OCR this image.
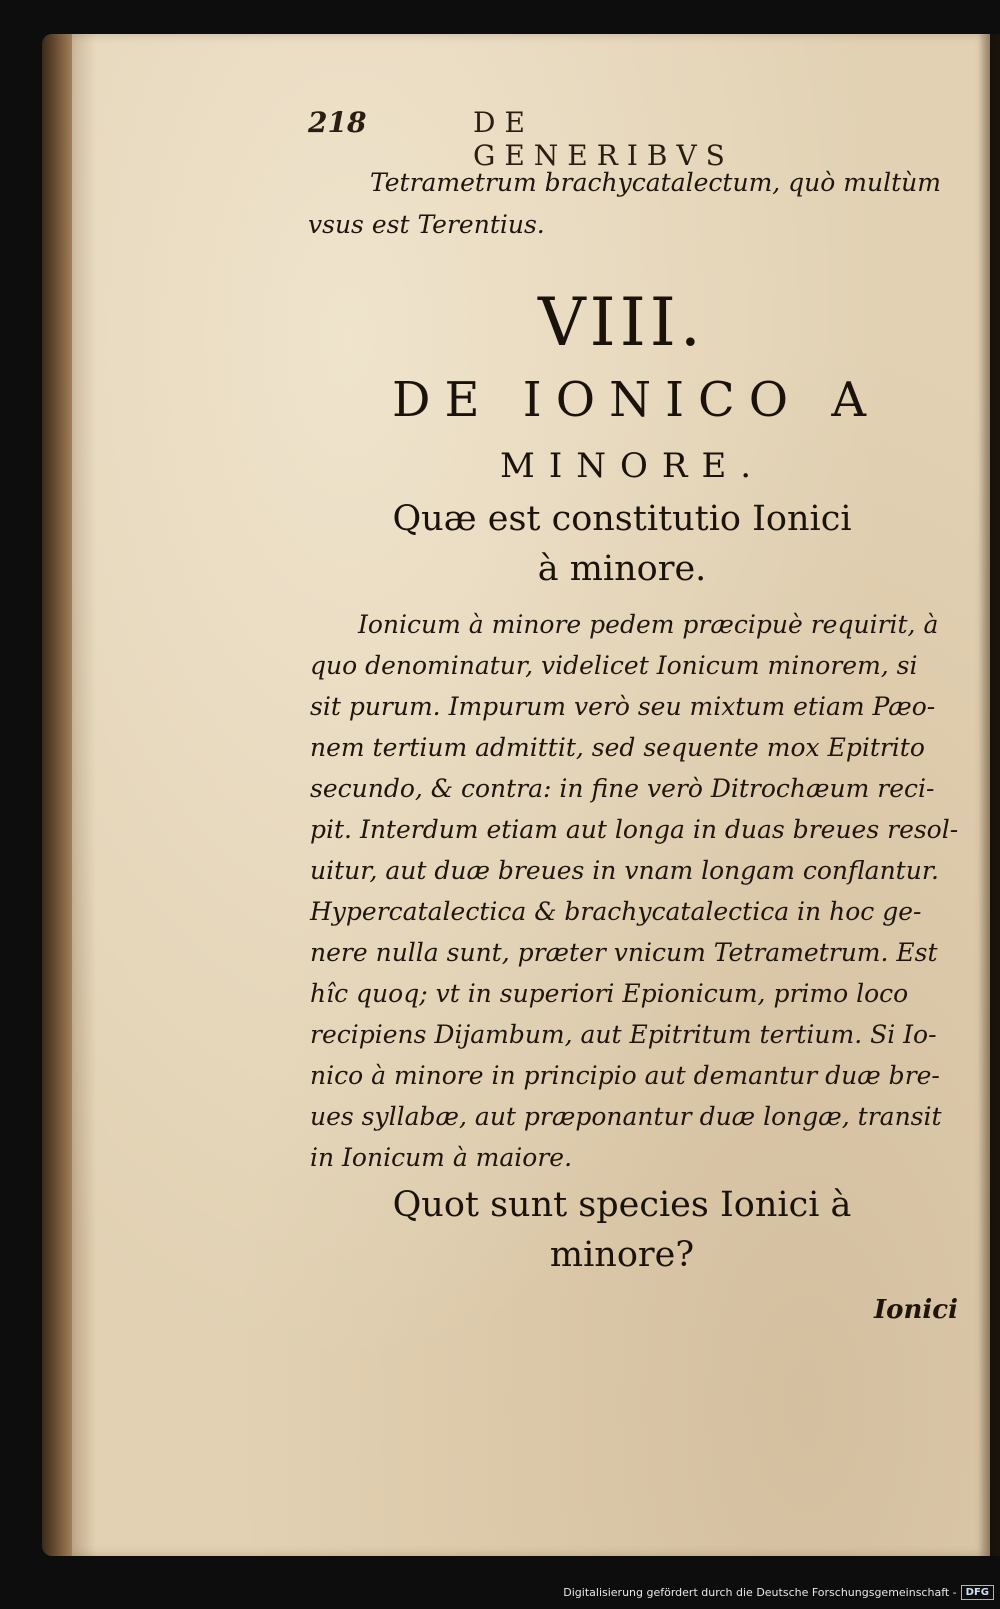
218	DE GENERIBVS
Tetrametrum brachycatalectum, quò multùm
vsus est Terentius.
VIII.
DE IONICO A
MINORE.
Quæ est constitutio Ionici
à minore.
Ionicum à minore pedem præcipuè requirit, à
quo denominatur, videlicet Ionicum minorem, si
sit purum. Impurum verò seu mixtum etiam Pæo-
nem tertium admittit, sed sequente mox Epitrito
secundo, & contra: in fine verò Ditrochæum reci-
pit. Interdum etiam aut longa in duas breues resol-
uitur, aut duæ breues in vnam longam conflantur.
Hypercatalectica & brachycatalectica in hoc ge-
nere nulla sunt, præter vnicum Tetrametrum. Est
hîc quoq; vt in superiori Epionicum, primo loco
recipiens Dijambum, aut Epitritum tertium. Si Io-
nico à minore in principio aut demantur duæ bre-
ues syllabæ, aut præponantur duæ longæ, transit
in Ionicum à maiore.
Quot sunt species Ionici à
minore?
Ionici
Digitalisierung gefördert durch die Deutsche Forschungsgemeinschaft - DFG
